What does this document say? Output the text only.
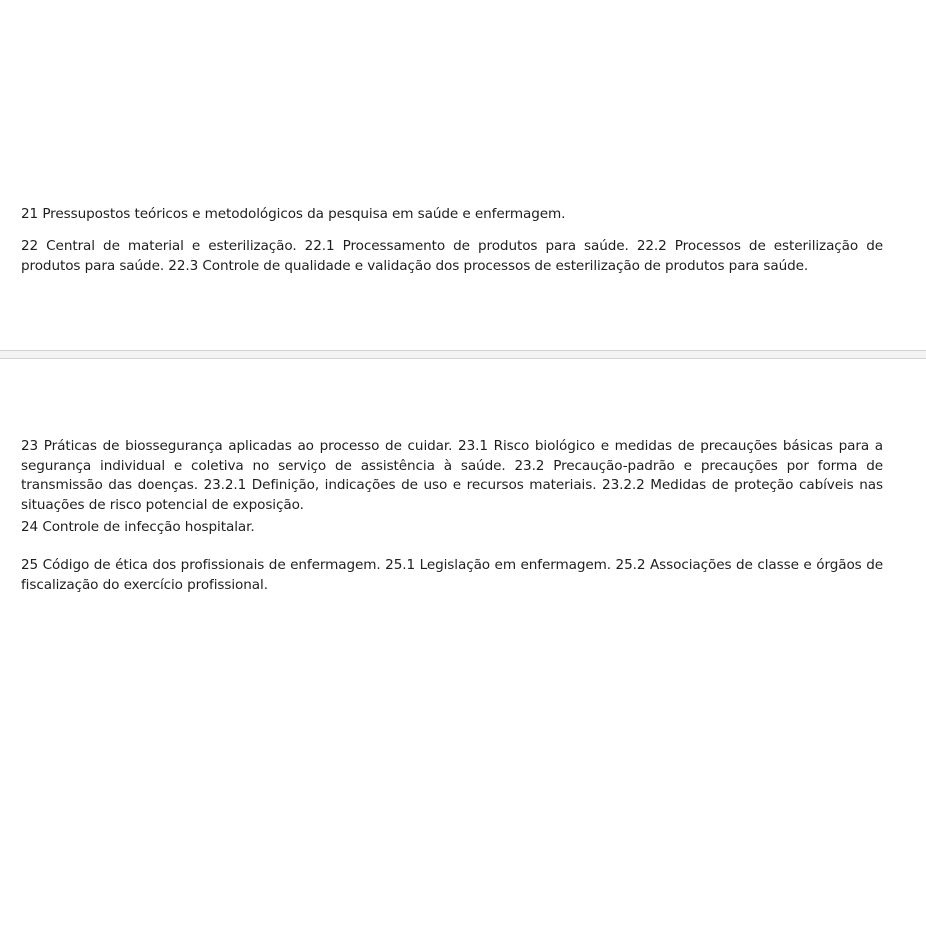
21 Pressupostos teóricos e metodológicos da pesquisa em saúde e enfermagem.

22 Central de material e esterilização. 22.1 Processamento de produtos para saúde. 22.2 Processos de esterilização de produtos para saúde. 22.3 Controle de qualidade e validação dos processos de esterilização de produtos para saúde.

23 Práticas de biossegurança aplicadas ao processo de cuidar. 23.1 Risco biológico e medidas de precauções básicas para a segurança individual e coletiva no serviço de assistência à saúde. 23.2 Precaução-padrão e precauções por forma de transmissão das doenças. 23.2.1 Definição, indicações de uso e recursos materiais. 23.2.2 Medidas de proteção cabíveis nas situações de risco potencial de exposição.

24 Controle de infecção hospitalar.

25 Código de ética dos profissionais de enfermagem. 25.1 Legislação em enfermagem. 25.2 Associações de classe e órgãos de fiscalização do exercício profissional.
